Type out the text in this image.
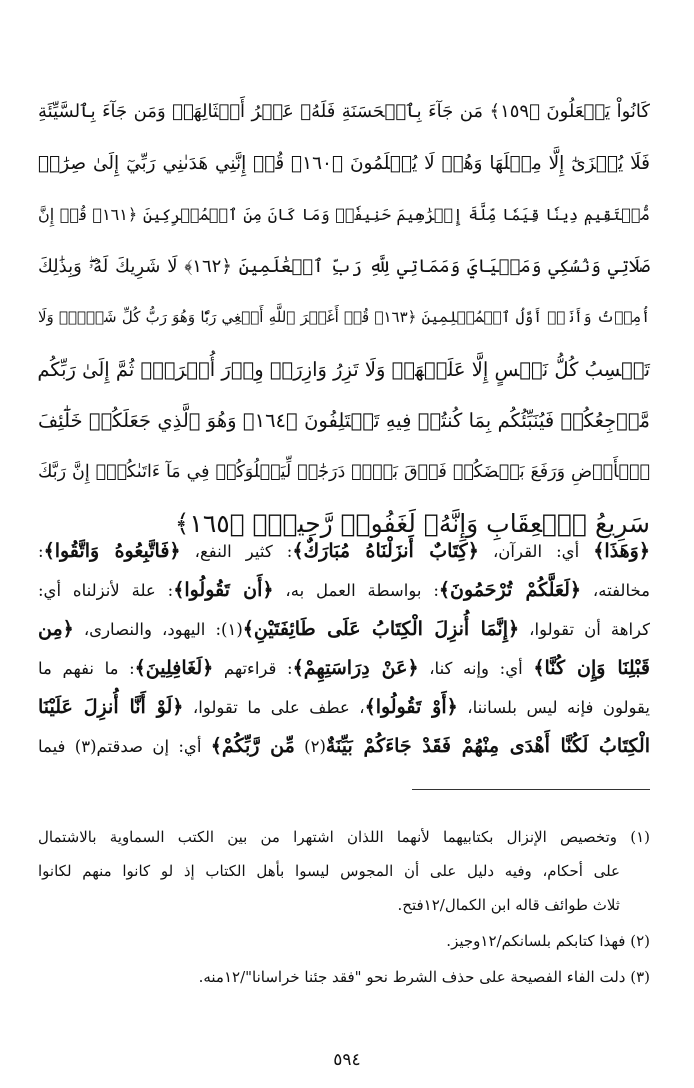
كَانُواْ يَفۡعَلُونَ ﴿١٥٩﴾ مَن جَآءَ بِٱلۡحَسَنَةِ فَلَهُۥ عَشۡرُ أَمۡثَالِهَاۖ وَمَن جَآءَ بِٱلسَّيِّئَةِ
فَلَا يُجۡزَىٰٓ إِلَّا مِثۡلَهَا وَهُمۡ لَا يُظۡلَمُونَ ﴿١٦٠﴾ قُلۡ إِنَّنِي هَدَىٰنِي رَبِّيٓ إِلَىٰ صِرَٰطٖ
مُّسۡتَقِيمٖ دِينٗا قِيَمٗا مِّلَّةَ إِبۡرَٰهِيمَ حَنِيفٗاۚ وَمَا كَانَ مِنَ ٱلۡمُشۡرِكِينَ ﴿١٦١﴾ قُلۡ إِنَّ
صَلَاتِي وَنُسُكِي وَمَحۡيَايَ وَمَمَاتِي لِلَّهِ رَبِّ ٱلۡعَٰلَمِينَ ﴿١٦٢﴾ لَا شَرِيكَ لَهُۥۖ وَبِذَٰلِكَ
أُمِرۡتُ وَأَنَا۠ أَوَّلُ ٱلۡمُسۡلِمِينَ ﴿١٦٣﴾ قُلۡ أَغَيۡرَ ٱللَّهِ أَبۡغِي رَبّٗا وَهُوَ رَبُّ كُلِّ شَيۡءٖۚ وَلَا
تَكۡسِبُ كُلُّ نَفۡسٍ إِلَّا عَلَيۡهَاۚ وَلَا تَزِرُ وَازِرَةٞ وِزۡرَ أُخۡرَىٰۚ ثُمَّ إِلَىٰ رَبِّكُم
مَّرۡجِعُكُمۡ فَيُنَبِّئُكُم بِمَا كُنتُمۡ فِيهِ تَخۡتَلِفُونَ ﴿١٦٤﴾ وَهُوَ ٱلَّذِي جَعَلَكُمۡ خَلَٰٓئِفَ
ٱلۡأَرۡضِ وَرَفَعَ بَعۡضَكُمۡ فَوۡقَ بَعۡضٖ دَرَجَٰتٖ لِّيَبۡلُوَكُمۡ فِي مَآ ءَاتَىٰكُمۡۗ إِنَّ رَبَّكَ
سَرِيعُ ٱلۡعِقَابِ وَإِنَّهُۥ لَغَفُورٞ رَّحِيمُۢ ﴿١٦٥﴾
﴿وَهَذَا﴾ أي: القرآن، ﴿كِتَابٌ أَنزَلْنَاهُ مُبَارَكٌ﴾: كثير النفع، ﴿فَاتَّبِعُوهُ وَاتَّقُوا﴾:
مخالفته، ﴿لَعَلَّكُمْ تُرْحَمُونَ﴾: بواسطة العمل به، ﴿أَن تَقُولُوا﴾: علة لأنزلناه أي:
كراهة أن تقولوا، ﴿إِنَّمَا أُنزِلَ الْكِتَابُ عَلَى طَائِفَتَيْنِ﴾(١): اليهود، والنصارى، ﴿مِن
قَبْلِنَا وَإِن كُنَّا﴾ أي: وإنه كنا، ﴿عَنْ دِرَاسَتِهِمْ﴾: قراءتهم ﴿لَغَافِلِينَ﴾: ما نفهم ما
يقولون فإنه ليس بلساننا، ﴿أَوْ تَقُولُوا﴾، عطف على ما تقولوا، ﴿لَوْ أَنَّا أُنزِلَ عَلَيْنَا
الْكِتَابُ لَكُنَّا أَهْدَى مِنْهُمْ فَقَدْ جَاءَكُمْ بَيِّنَةٌ(٢) مِّن رَّبِّكُمْ﴾ أي: إن صدقتم(٣) فيما
(١) وتخصيص الإنزال بكتابيهما لأنهما اللذان اشتهرا من بين الكتب السماوية بالاشتمال
على أحكام، وفيه دليل على أن المجوس ليسوا بأهل الكتاب إذ لو كانوا منهم لكانوا
ثلاث طوائف قاله ابن الكمال/١٢فتح.
(٢) فهذا كتابكم بلسانكم/١٢وجيز.
(٣) دلت الفاء الفصيحة على حذف الشرط نحو "فقد جئنا خراسانا"/١٢منه.
٥٩٤
